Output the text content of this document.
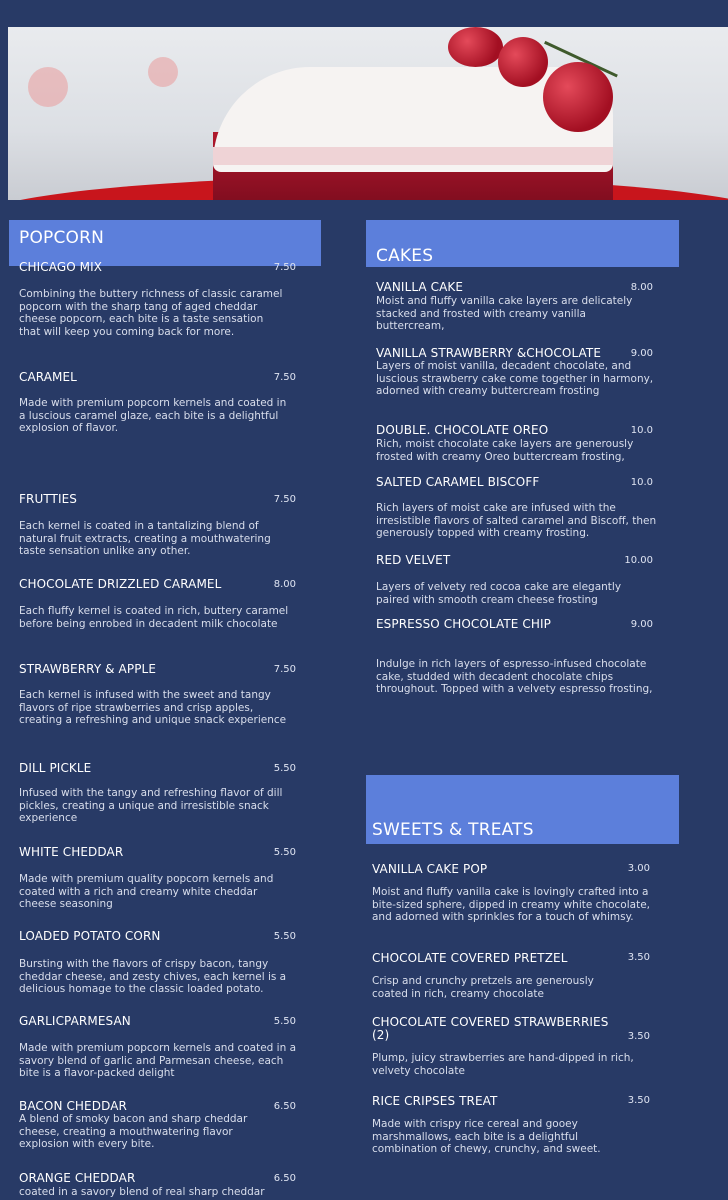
POPCORN
CHICAGO MIX	7.50
Combining the buttery richness of classic caramel popcorn with the sharp tang of aged cheddar cheese popcorn, each bite is a taste sensation that will keep you coming back for more.
CARAMEL	7.50
Made with premium popcorn kernels and coated in a luscious caramel glaze, each bite is a delightful explosion of flavor.
FRUTTIES	7.50
Each kernel is coated in a tantalizing blend of natural fruit extracts, creating a mouthwatering taste sensation unlike any other.
CHOCOLATE DRIZZLED CARAMEL	8.00
Each fluffy kernel is coated in rich, buttery caramel before being enrobed in decadent milk chocolate
STRAWBERRY & APPLE	7.50
Each kernel is infused with the sweet and tangy flavors of ripe strawberries and crisp apples, creating a refreshing and unique snack experience
DILL PICKLE	5.50
Infused with the tangy and refreshing flavor of dill pickles, creating a unique and irresistible snack experience
WHITE CHEDDAR	5.50
Made with premium quality popcorn kernels and coated with a rich and creamy white cheddar cheese seasoning
LOADED POTATO CORN	5.50
Bursting with the flavors of crispy bacon, tangy cheddar cheese, and zesty chives, each kernel is a delicious homage to the classic loaded potato.
GARLICPARMESAN	5.50
Made with premium popcorn kernels and coated in a savory blend of garlic and Parmesan cheese, each bite is a flavor-packed delight
BACON CHEDDAR	6.50
A blend of smoky bacon and sharp cheddar cheese, creating a mouthwatering flavor explosion with every bite.
ORANGE CHEDDAR	6.50
coated in a savory blend of real sharp cheddar
CAKES
VANILLA CAKE	8.00
Moist and fluffy vanilla cake layers are delicately stacked and frosted with creamy vanilla buttercream,
VANILLA STRAWBERRY &CHOCOLATE	9.00
Layers of moist vanilla, decadent chocolate, and luscious strawberry cake come together in harmony, adorned with creamy buttercream frosting
DOUBLE. CHOCOLATE OREO	10.0
Rich, moist chocolate cake layers are generously frosted with creamy Oreo buttercream frosting,
SALTED CARAMEL BISCOFF	10.0
Rich layers of moist cake are infused with the irresistible flavors of salted caramel and Biscoff, then generously topped with creamy frosting.
RED VELVET	10.00
Layers of velvety red cocoa cake are elegantly paired with smooth cream cheese frosting
ESPRESSO CHOCOLATE CHIP	9.00
Indulge in rich layers of espresso-infused chocolate cake, studded with decadent chocolate chips throughout. Topped with a velvety espresso frosting,
SWEETS & TREATS
VANILLA CAKE POP	3.00
Moist and fluffy vanilla cake is lovingly crafted into a bite-sized sphere, dipped in creamy white chocolate, and adorned with sprinkles for a touch of whimsy.
CHOCOLATE COVERED PRETZEL	3.50
Crisp and crunchy pretzels are generously coated in rich, creamy chocolate
CHOCOLATE COVERED STRAWBERRIES (2)	3.50
Plump, juicy strawberries are hand-dipped in rich, velvety chocolate
RICE CRIPSES TREAT	3.50
Made with crispy rice cereal and gooey marshmallows, each bite is a delightful combination of chewy, crunchy, and sweet.
